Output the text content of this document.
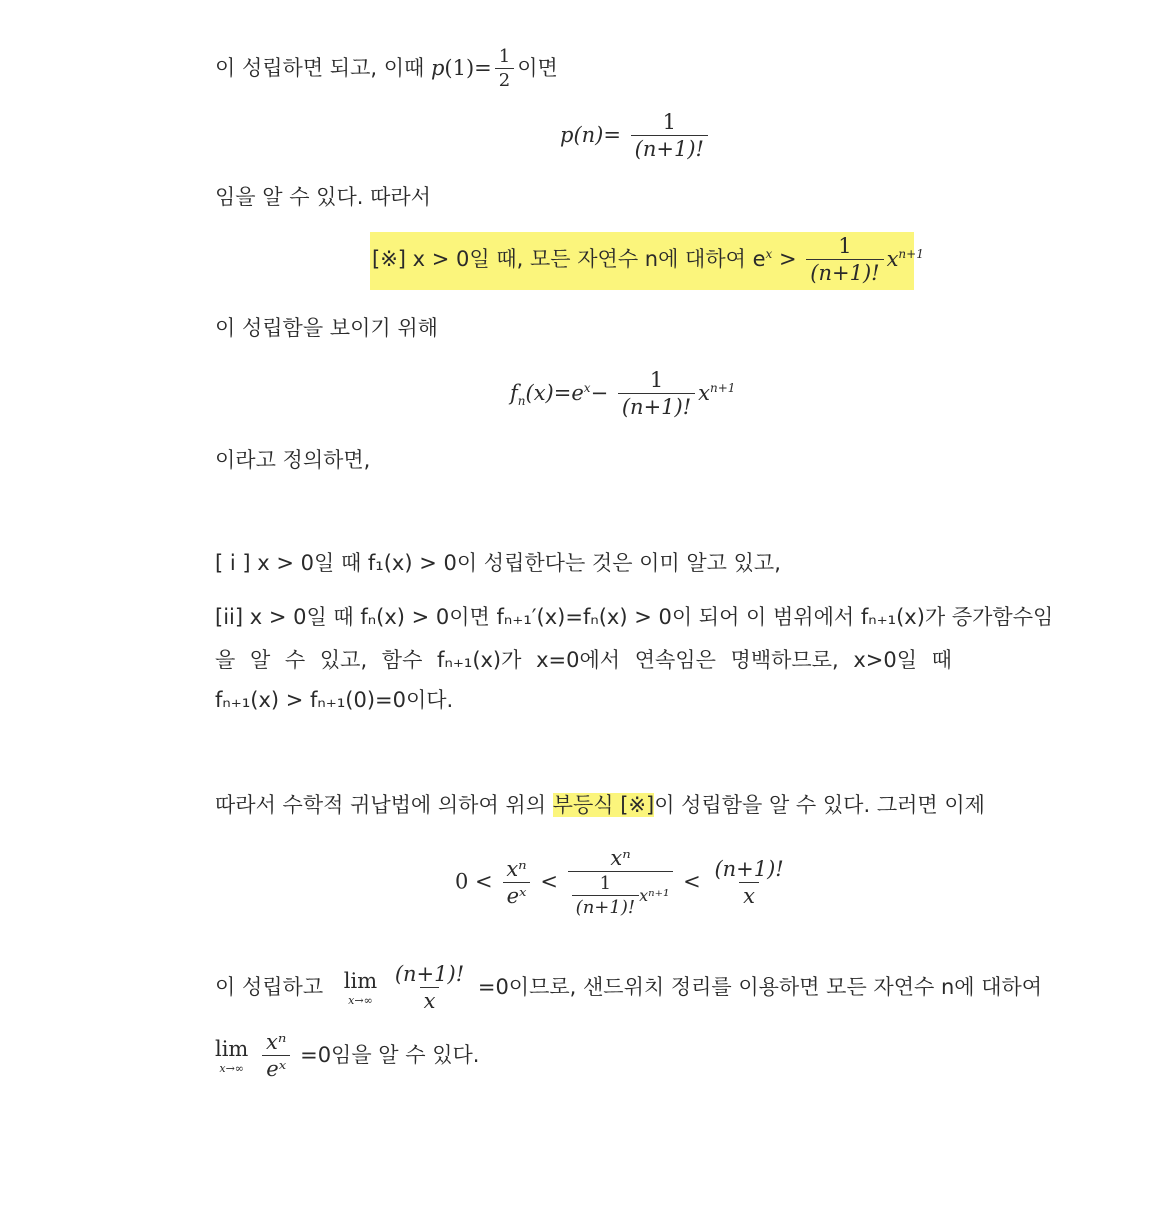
이 성립하면 되고, 이때 $p(1)= \frac{1}{2}$ 이면
$p(n)= \frac{1}{(n+1)!}$
임을 알 수 있다. 따라서
[※] x > 0일 때, 모든 자연수 n에 대하여 $e^x > \frac{1}{(n+1)!} x^{n+1}$
이 성립함을 보이기 위해
$f_n(x)=e^x- \frac{1}{(n+1)!} x^{n+1}$
이라고 정의하면,
[ i ] x > 0일 때 f₁(x) > 0이 성립한다는 것은 이미 알고 있고,
[ii] x > 0일 때 fₙ(x) > 0이면 fₙ₊₁′(x)=fₙ(x) > 0이 되어 이 범위에서 fₙ₊₁(x)가 증가함수임
을 알 수 있고, 함수 fₙ₊₁(x)가 x=0에서 연속임은 명백하므로, x>0일 때
fₙ₊₁(x) > fₙ₊₁(0)=0이다.
따라서 수학적 귀납법에 의하여 위의 부등식 [※]이 성립함을 알 수 있다. 그러면 이제
$0 < \frac{\text{xⁿ}}{\text{eˣ}} < \frac{\text{xⁿ}}{\frac{1}{(n+1)!} x^{n+1}} < \frac{(n+1)!}{x}$
이 성립하고 lim
x→∞
$\frac{(n+1)!}{x} =0$이므로, 샌드위치 정리를 이용하면 모든 자연수 n에 대하여
lim
x→∞
$\frac{\text{xⁿ}}{\text{eˣ}} =0$임을 알 수 있다.
